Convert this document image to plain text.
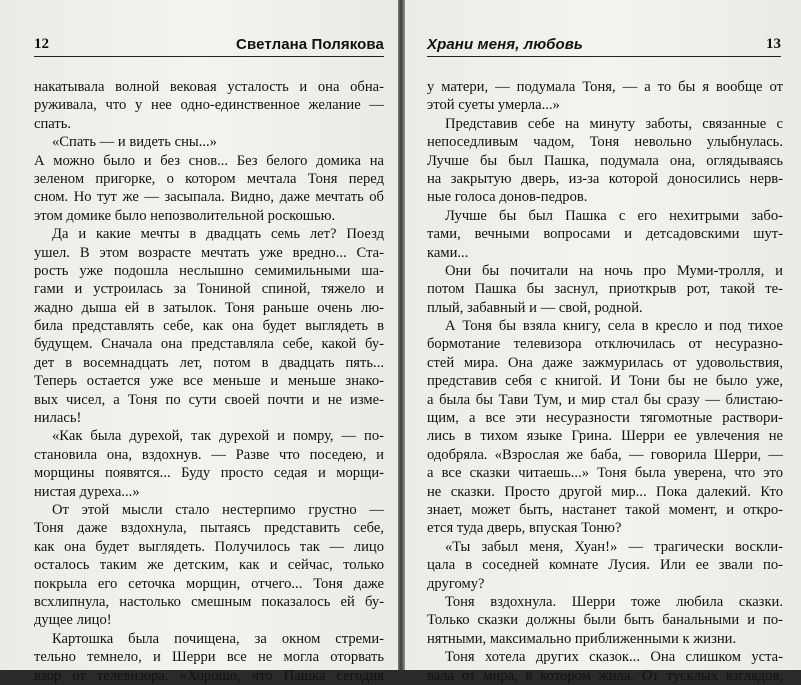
12	Светлана Полякова
накатывала волной вековая усталость и она обна-
руживала, что у нее одно-единственное желание —
спать.
«Спать — и видеть сны...»
А можно было и без снов... Без белого домика на
зеленом пригорке, о котором мечтала Тоня перед
сном. Но тут же — засыпала. Видно, даже мечтать об
этом домике было непозволительной роскошью.
Да и какие мечты в двадцать семь лет? Поезд
ушел. В этом возрасте мечтать уже вредно... Ста-
рость уже подошла неслышно семимильными ша-
гами и устроилась за Тониной спиной, тяжело и
жадно дыша ей в затылок. Тоня раньше очень лю-
била представлять себе, как она будет выглядеть в
будущем. Сначала она представляла себе, какой бу-
дет в восемнадцать лет, потом в двадцать пять...
Теперь остается уже все меньше и меньше знако-
вых чисел, а Тоня по сути своей почти и не изме-
нилась!
«Как была дурехой, так дурехой и помру, — по-
становила она, вздохнув. — Разве что поседею, и
морщины появятся... Буду просто седая и морщи-
нистая дуреха...»
От этой мысли стало нестерпимо грустно —
Тоня даже вздохнула, пытаясь представить себе,
как она будет выглядеть. Получилось так — лицо
осталось таким же детским, как и сейчас, только
покрыла его сеточка морщин, отчего... Тоня даже
всхлипнула, настолько смешным показалось ей бу-
дущее лицо!
Картошка была почищена, за окном стреми-
тельно темнело, и Шерри все не могла оторвать
взор от телевизора. «Хорошо, что Пашка сегодня
Храни меня, любовь	13
у матери, — подумала Тоня, — а то бы я вообще от
этой суеты умерла...»
Представив себе на минуту заботы, связанные с
непоседливым чадом, Тоня невольно улыбнулась.
Лучше бы был Пашка, подумала она, оглядываясь
на закрытую дверь, из-за которой доносились нерв-
ные голоса донов-педров.
Лучше бы был Пашка с его нехитрыми забо-
тами, вечными вопросами и детсадовскими шут-
ками...
Они бы почитали на ночь про Муми-тролля, и
потом Пашка бы заснул, приоткрыв рот, такой те-
плый, забавный и — свой, родной.
А Тоня бы взяла книгу, села в кресло и под тихое
бормотание телевизора отключилась от несуразно-
стей мира. Она даже зажмурилась от удовольствия,
представив себя с книгой. И Тони бы не было уже,
а была бы Тави Тум, и мир стал бы сразу — блистаю-
щим, а все эти несуразности тягомотные раствори-
лись в тихом языке Грина. Шерри ее увлечения не
одобряла. «Взрослая же баба, — говорила Шерри, —
а все сказки читаешь...» Тоня была уверена, что это
не сказки. Просто другой мир... Пока далекий. Кто
знает, может быть, настанет такой момент, и откро-
ется туда дверь, впуская Тоню?
«Ты забыл меня, Хуан!» — трагически воскли-
цала в соседней комнате Лусия. Или ее звали по-
другому?
Тоня вздохнула. Шерри тоже любила сказки.
Только сказки должны были быть банальными и по-
нятными, максимально приближенными к жизни.
Тоня хотела других сказок... Она слишком уста-
вала от мира, в котором жила. От тусклых взглядов,
